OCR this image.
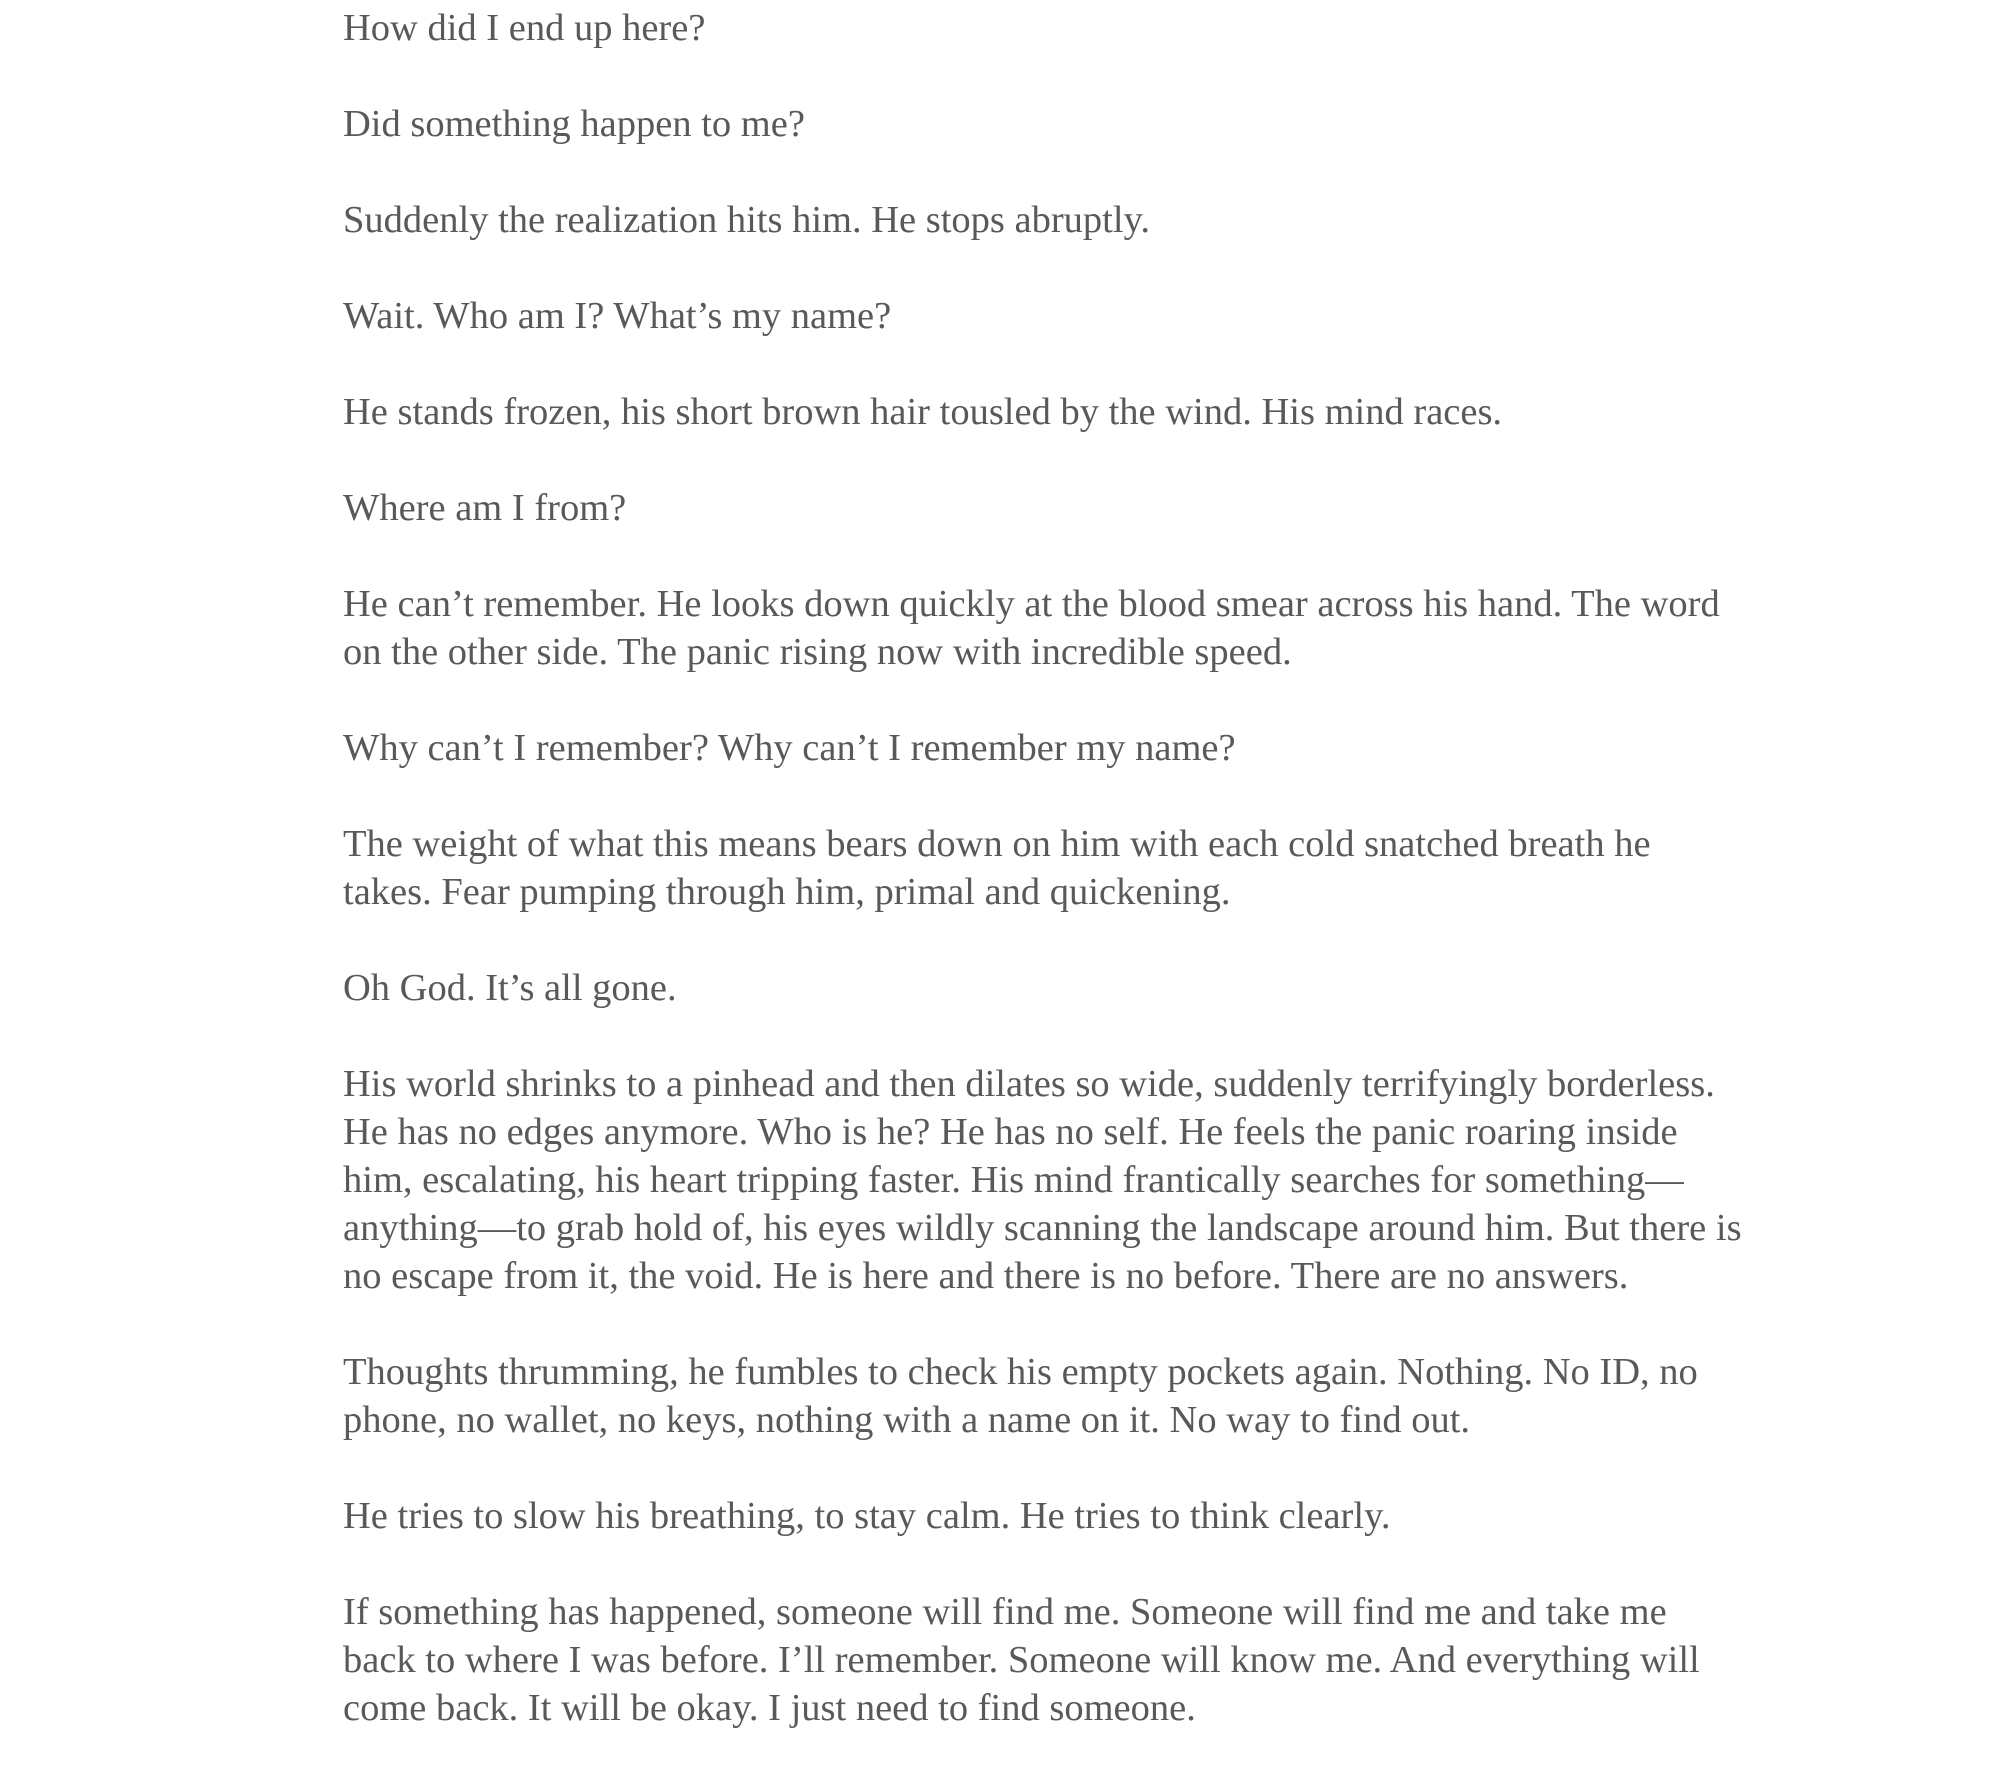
How did I end up here?

Did something happen to me?

Suddenly the realization hits him. He stops abruptly.

Wait. Who am I? What’s my name?

He stands frozen, his short brown hair tousled by the wind. His mind races.

Where am I from?

He can’t remember. He looks down quickly at the blood smear across his hand. The word on the other side. The panic rising now with incredible speed.

Why can’t I remember? Why can’t I remember my name?

The weight of what this means bears down on him with each cold snatched breath he takes. Fear pumping through him, primal and quickening.

Oh God. It’s all gone.

His world shrinks to a pinhead and then dilates so wide, suddenly terrifyingly borderless. He has no edges anymore. Who is he? He has no self. He feels the panic roaring inside him, escalating, his heart tripping faster. His mind frantically searches for something—anything—to grab hold of, his eyes wildly scanning the landscape around him. But there is no escape from it, the void. He is here and there is no before. There are no answers.

Thoughts thrumming, he fumbles to check his empty pockets again. Nothing. No ID, no phone, no wallet, no keys, nothing with a name on it. No way to find out.

He tries to slow his breathing, to stay calm. He tries to think clearly.

If something has happened, someone will find me. Someone will find me and take me back to where I was before. I’ll remember. Someone will know me. And everything will come back. It will be okay. I just need to find someone.
